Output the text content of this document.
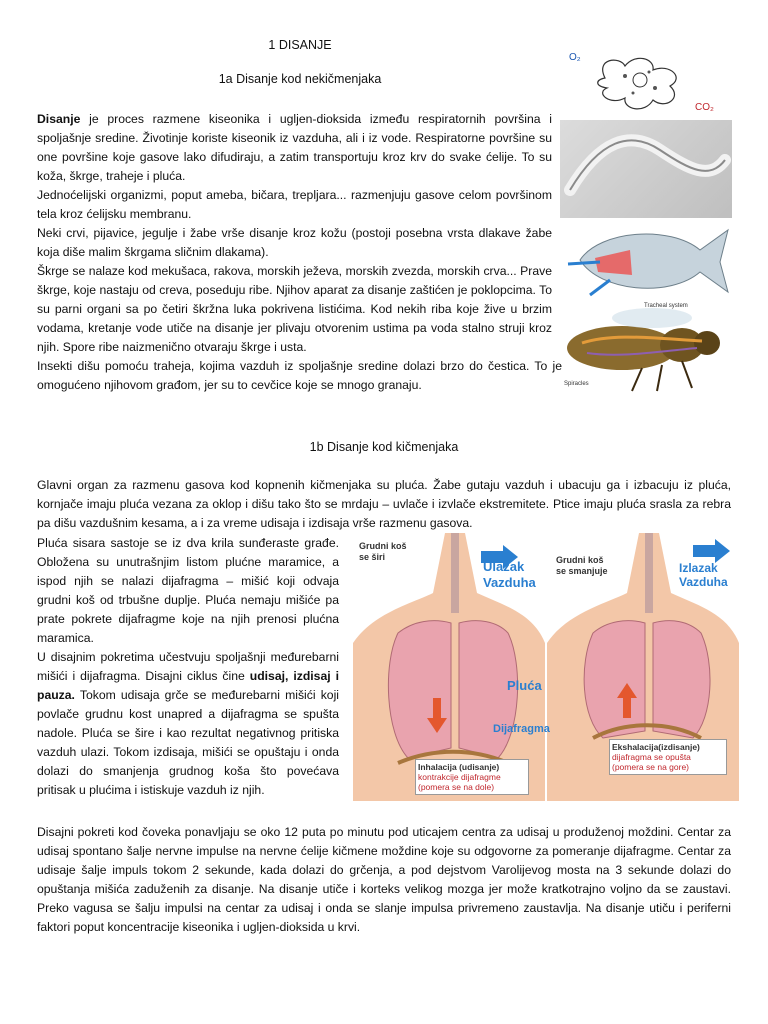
1 DISANJE
1a Disanje kod nekičmenjaka

Disanje je proces razmene kiseonika i ugljen-dioksida između respiratornih površina i spoljašnje sredine. Životinje koriste kiseonik iz vazduha, ali i iz vode. Respiratorne površine su one površine koje gasove lako difudiraju, a zatim transportuju kroz krv do svake ćelije. To su koža, škrge, traheje i pluća.

Jednoćelijski organizmi, poput ameba, bičara, trepljara... razmenjuju gasove celom površinom tela kroz ćelijsku membranu.

Neki crvi, pijavice, jegulje i žabe vrše disanje kroz kožu (postoji posebna vrsta dlakave žabe koja diše malim škrgama sličnim dlakama).

Škrge se nalaze kod mekušaca, rakova, morskih ježeva, morskih zvezda, morskih crva... Prave škrge, koje nastaju od creva, poseduju ribe. Njihov aparat za disanje zaštićen je poklopcima. To su parni organi sa po četiri škržna luka pokrivena listićima. Kod nekih riba koje žive u brzim vodama, kretanje vode utiče na disanje jer plivaju otvorenim ustima pa voda stalno struji kroz njih. Spore ribe naizmenično otvaraju škrge i usta.

Insekti dišu pomoću traheja, kojima vazduh iz spoljašnje sredine dolazi brzo do čestica. To je omogućeno njihovom građom, jer su to cevčice koje se mnogo granaju.

O₂
CO₂
Tracheal system
Spiracles
1b Disanje kod kičmenjaka

Glavni organ za razmenu gasova kod kopnenih kičmenjaka su pluća. Žabe gutaju vazduh i ubacuju ga i izbacuju iz pluća, kornjače imaju pluća vezana za oklop i dišu tako što se mrdaju – uvlače i izvlače ekstremitete. Ptice imaju pluća srasla za rebra pa dišu vazdušnim kesama, a i za vreme udisaja i izdisaja vrše razmenu gasova.

Pluća sisara sastoje se iz dva krila sunđeraste građe. Obložena su unutrašnjim listom plućne maramice, a ispod njih se nalazi dijafragma – mišić koji odvaja grudni koš od trbušne duplje. Pluća nemaju mišiće pa prate pokrete dijafragme koje na njih prenosi plućna maramica.

U disajnim pokretima učestvuju spoljašnji međurebarni mišići i dijafragma. Disajni ciklus čine udisaj, izdisaj i pauza. Tokom udisaja grče se međurebarni mišići koji povlače grudnu kost unapred a dijafragma se spušta nadole. Pluća se šire i kao rezultat negativnog pritiska vazduh ulazi. Tokom izdisaja, mišići se opuštaju i onda dolazi do smanjenja grudnog koša što povećava pritisak u plućima i istiskuje vazduh iz njih.

Grudni koš se širi
Ulazak Vazduha
Pluća
Dijafragma
Inhalacija (udisanje)
kontrakcije dijafragme (pomera se na dole)
Grudni koš se smanjuje	Izlazak Vazduha
Ekshalacija(izdisanje)
dijafragma se opušta (pomera se na gore)

Disajni pokreti kod čoveka ponavljaju se oko 12 puta po minutu pod uticajem centra za udisaj u produženoj moždini. Centar za udisaj spontano šalje nervne impulse na nervne ćelije kičmene moždine koje su odgovorne za pomeranje dijafragme. Centar za udisaje šalje impuls tokom 2 sekunde, kada dolazi do grčenja, a pod dejstvom Varolijevog mosta na 3 sekunde dolazi do opuštanja mišića zaduženih za disanje. Na disanje utiče i korteks velikog mozga jer može kratkotrajno voljno da se zaustavi. Preko vagusa se šalju impulsi na centar za udisaj i onda se slanje impulsa privremeno zaustavlja. Na disanje utiču i periferni faktori poput koncentracije kiseonika i ugljen-dioksida u krvi.
